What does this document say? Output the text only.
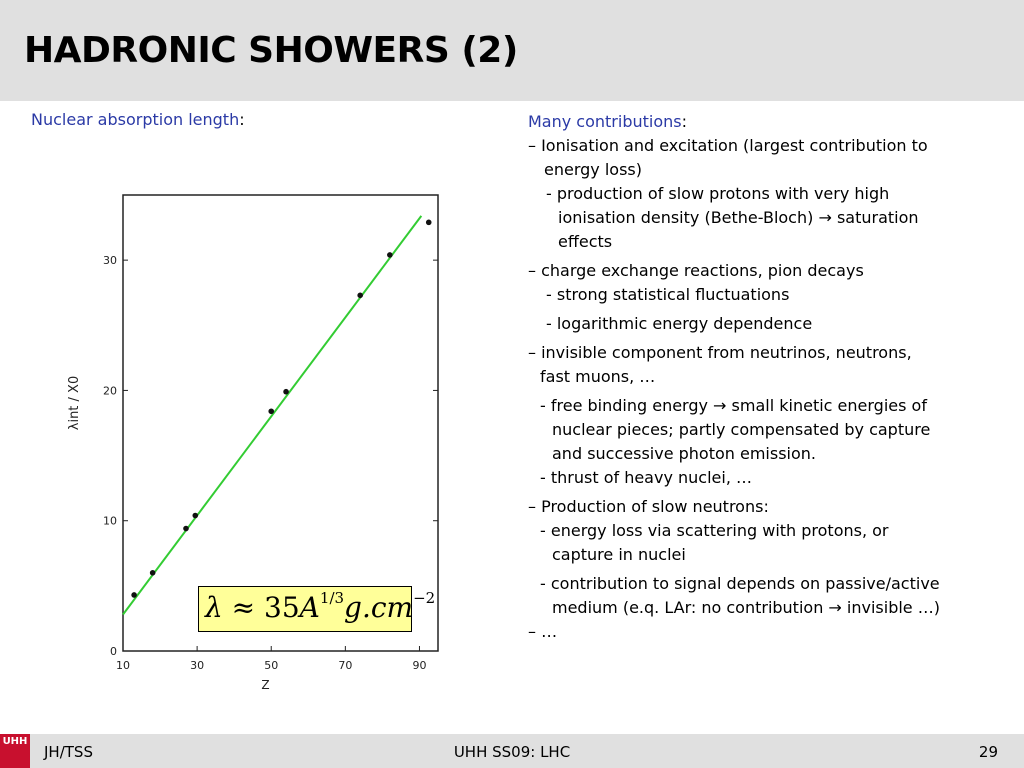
HADRONIC SHOWERS (2)
Nuclear absorption length:
0
10
20
30
10	30	50	70	90
Z
λint / X0
$\lambda \approx 35A^{1/3}g.cm^{-2}$
Many contributions:
– Ionisation and excitation (largest contribution to
energy loss)
- production of slow protons with very high
ionisation density (Bethe-Bloch) → saturation
effects
– charge exchange reactions, pion decays
- strong statistical fluctuations
- logarithmic energy dependence
– invisible component from neutrinos, neutrons,
fast muons, …
- free binding energy → small kinetic energies of
nuclear pieces; partly compensated by capture
and successive photon emission.
- thrust of heavy nuclei, …
– Production of slow neutrons:
- energy loss via scattering with protons, or
capture in nuclei
- contribution to signal depends on passive/active
medium (e.q. LAr: no contribution → invisible …)
– …
JH/TSS	UHH SS09: LHC	29
UHH
